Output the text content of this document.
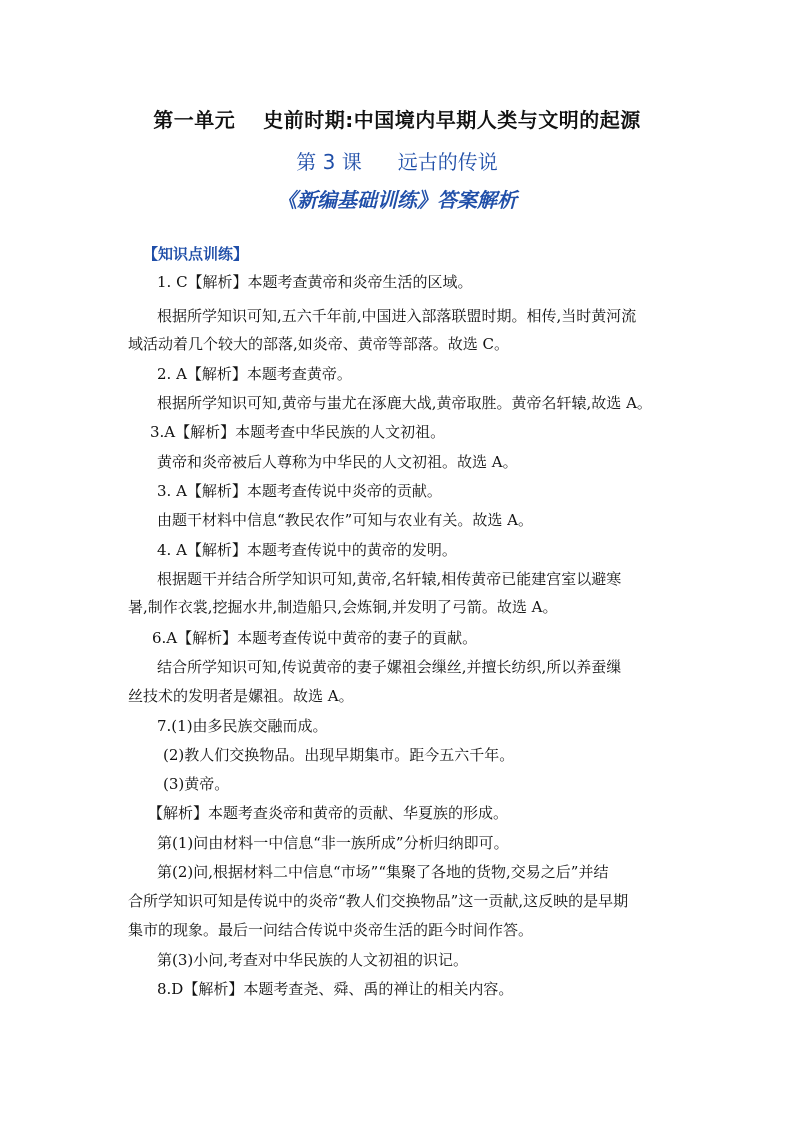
第一单元 史前时期:中国境内早期人类与文明的起源
第 3 课 远古的传说
《新编基础训练》答案解析
【知识点训练】
1. C【解析】本题考查黄帝和炎帝生活的区域。
根据所学知识可知,五六千年前,中国进入部落联盟时期。相传,当时黄河流
域活动着几个较大的部落,如炎帝、黄帝等部落。故选 C。
2. A【解析】本题考查黄帝。
根据所学知识可知,黄帝与蚩尤在涿鹿大战,黄帝取胜。黄帝名轩辕,故选 A。
3.A【解析】本题考查中华民族的人文初祖。
黄帝和炎帝被后人尊称为中华民的人文初祖。故选 A。
3. A【解析】本题考查传说中炎帝的贡献。
由题干材料中信息“教民农作”可知与农业有关。故选 A。
4. A【解析】本题考查传说中的黄帝的发明。
根据题干并结合所学知识可知,黄帝,名轩辕,相传黄帝已能建宫室以避寒
暑,制作衣裳,挖掘水井,制造船只,会炼铜,并发明了弓箭。故选 A。
6.A【解析】本题考查传说中黄帝的妻子的貢献。
结合所学知识可知,传说黄帝的妻子嫘祖会缫丝,并擅长纺织,所以养蚕缫
丝技术的发明者是嫘祖。故选 A。
7.(1)由多民族交融而成。
(2)教人们交换物品。出现早期集市。距今五六千年。
(3)黄帝。
【解析】本题考查炎帝和黄帝的贡献、华夏族的形成。
第(1)问由材料一中信息“非一族所成”分析归纳即可。
第(2)问,根据材料二中信息“市场”“集聚了各地的货物,交易之后”并结
合所学知识可知是传说中的炎帝“教人们交换物品”这一贡献,这反映的是早期
集市的现象。最后一问结合传说中炎帝生活的距今时间作答。
第(3)小问,考查对中华民族的人文初祖的识记。
8.D【解析】本题考查尧、舜、禹的禅让的相关内容。
